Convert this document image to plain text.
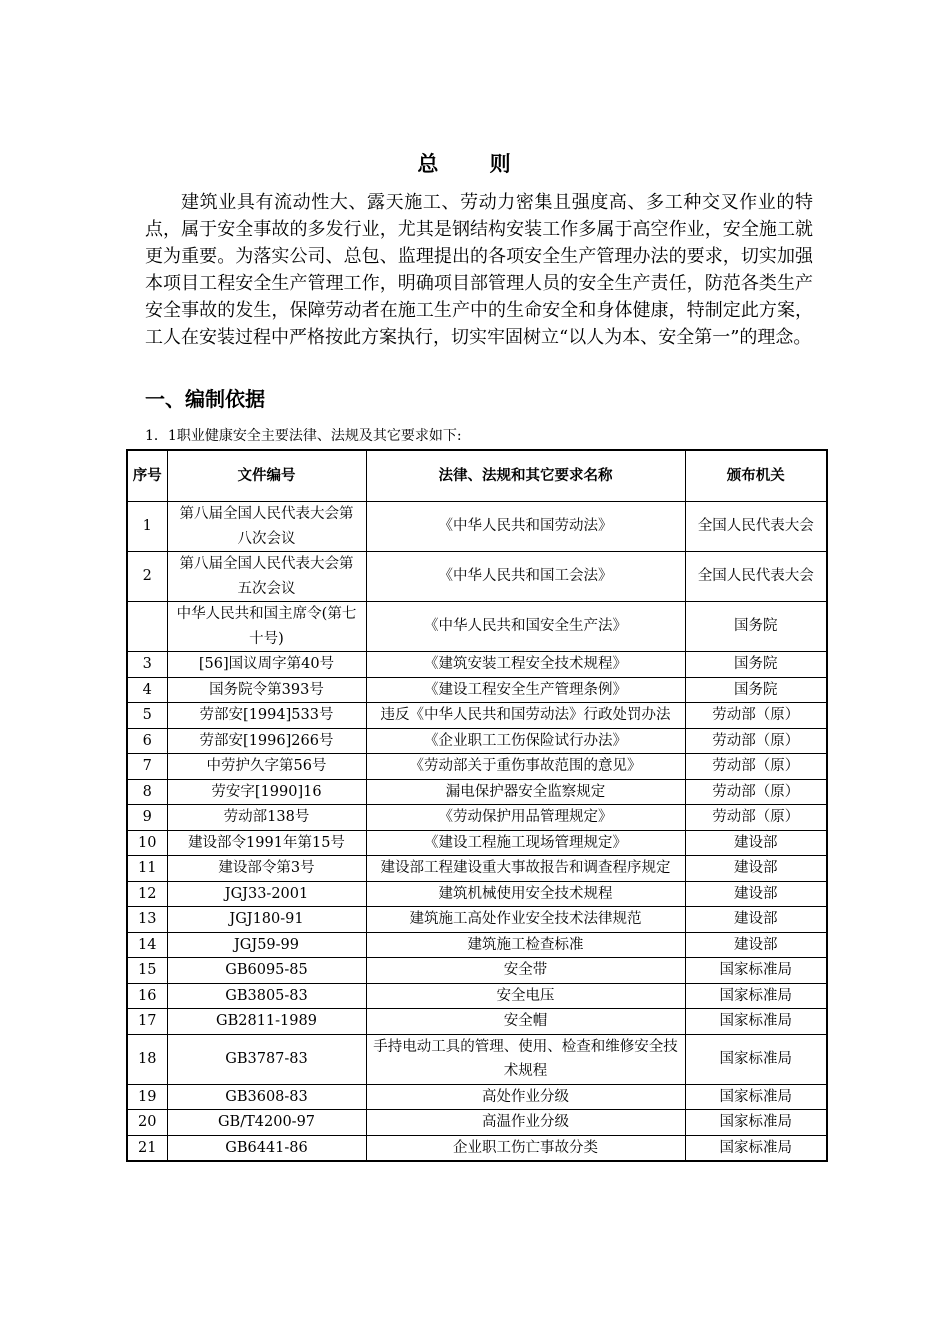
总 则

建筑业具有流动性大、露天施工、劳动力密集且强度高、多工种交叉作业的特点，属于安全事故的多发行业，尤其是钢结构安装工作多属于高空作业，安全施工就更为重要。为落实公司、总包、监理提出的各项安全生产管理办法的要求，切实加强本项目工程安全生产管理工作，明确项目部管理人员的安全生产责任，防范各类生产安全事故的发生，保障劳动者在施工生产中的生命安全和身体健康，特制定此方案，工人在安装过程中严格按此方案执行，切实牢固树立“以人为本、安全第一”的理念。

一、编制依据

1．1职业健康安全主要法律、法规及其它要求如下:

序号	文件编号	法律、法规和其它要求名称	颁布机关
1	第八届全国人民代表大会第八次会议	《中华人民共和国劳动法》	全国人民代表大会
2	第八届全国人民代表大会第五次会议	《中华人民共和国工会法》	全国人民代表大会
	中华人民共和国主席令(第七十号)	《中华人民共和国安全生产法》	国务院
3	[56]国议周字第40号	《建筑安装工程安全技术规程》	国务院
4	国务院令第393号	《建设工程安全生产管理条例》	国务院
5	劳部安[1994]533号	违反《中华人民共和国劳动法》行政处罚办法	劳动部（原）
6	劳部安[1996]266号	《企业职工工伤保险试行办法》	劳动部（原）
7	中劳护久字第56号	《劳动部关于重伤事故范围的意见》	劳动部（原）
8	劳安字[1990]16	漏电保护器安全监察规定	劳动部（原）
9	劳动部138号	《劳动保护用品管理规定》	劳动部（原）
10	建设部令1991年第15号	《建设工程施工现场管理规定》	建设部
11	建设部令第3号	建设部工程建设重大事故报告和调查程序规定	建设部
12	JGJ33-2001	建筑机械使用安全技术规程	建设部
13	JGJ180-91	建筑施工高处作业安全技术法律规范	建设部
14	JGJ59-99	建筑施工检查标准	建设部
15	GB6095-85	安全带	国家标准局
16	GB3805-83	安全电压	国家标准局
17	GB2811-1989	安全帽	国家标准局
18	GB3787-83	手持电动工具的管理、使用、检查和维修安全技术规程	国家标准局
19	GB3608-83	高处作业分级	国家标准局
20	GB/T4200-97	高温作业分级	国家标准局
21	GB6441-86	企业职工伤亡事故分类	国家标准局
